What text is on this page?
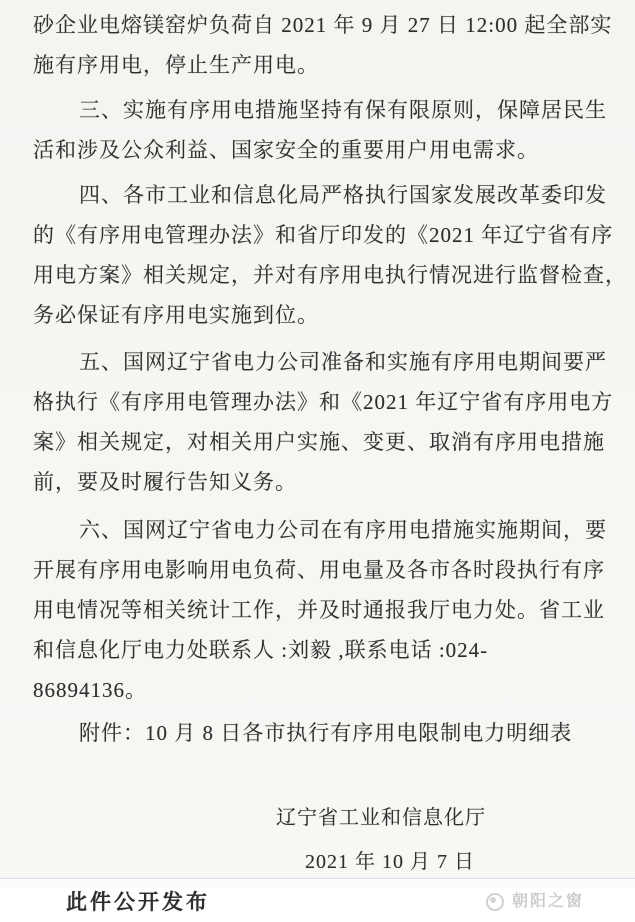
砂企业电熔镁窑炉负荷自 2021 年 9 月 27 日 12:00 起全部实
施有序用电，停止生产用电。
三、实施有序用电措施坚持有保有限原则，保障居民生
活和涉及公众利益、国家安全的重要用户用电需求。
四、各市工业和信息化局严格执行国家发展改革委印发
的《有序用电管理办法》和省厅印发的《2021 年辽宁省有序
用电方案》相关规定，并对有序用电执行情况进行监督检查，
务必保证有序用电实施到位。
五、国网辽宁省电力公司准备和实施有序用电期间要严
格执行《有序用电管理办法》和《2021 年辽宁省有序用电方
案》相关规定，对相关用户实施、变更、取消有序用电措施
前，要及时履行告知义务。
六、国网辽宁省电力公司在有序用电措施实施期间，要
开展有序用电影响用电负荷、用电量及各市各时段执行有序
用电情况等相关统计工作，并及时通报我厅电力处。省工业
和信息化厅电力处联系人 :刘毅 ,联系电话 :024-86894136。
附件：10 月 8 日各市执行有序用电限制电力明细表
辽宁省工业和信息化厅
2021 年 10 月 7 日
此件公开发布	朝阳之窗
